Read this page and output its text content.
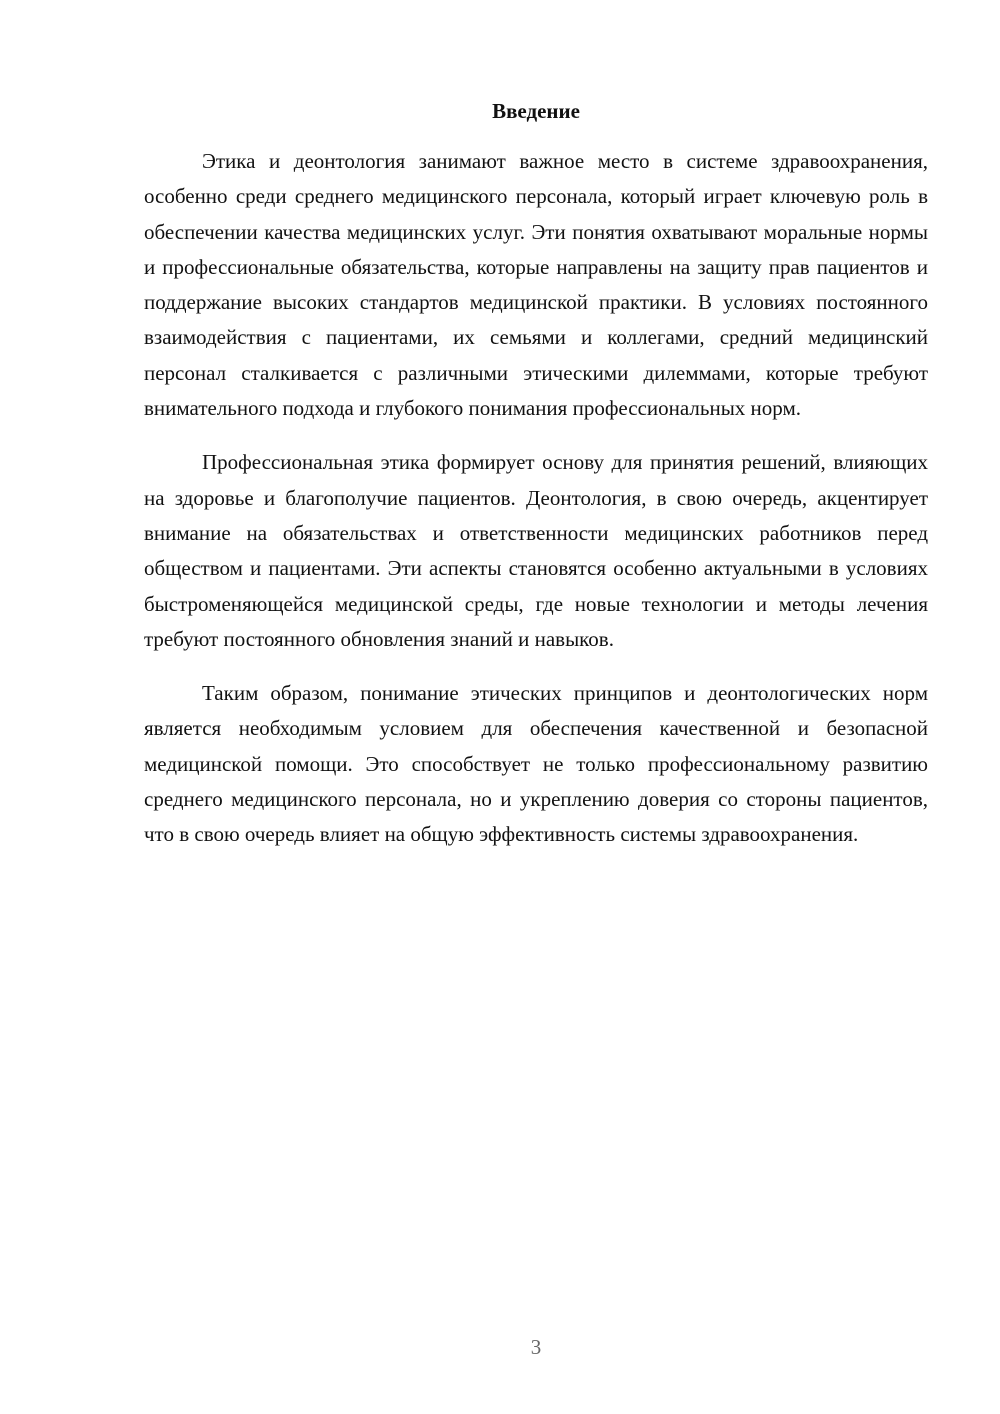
Введение

Этика и деонтология занимают важное место в системе здравоохранения, особенно среди среднего медицинского персонала, который играет ключевую роль в обеспечении качества медицинских услуг. Эти понятия охватывают моральные нормы и профессиональные обязательства, которые направлены на защиту прав пациентов и поддержание высоких стандартов медицинской практики. В условиях постоянного взаимодействия с пациентами, их семьями и коллегами, средний медицинский персонал сталкивается с различными этическими дилеммами, которые требуют внимательного подхода и глубокого понимания профессиональных норм.

Профессиональная этика формирует основу для принятия решений, влияющих на здоровье и благополучие пациентов. Деонтология, в свою очередь, акцентирует внимание на обязательствах и ответственности медицинских работников перед обществом и пациентами. Эти аспекты становятся особенно актуальными в условиях быстроменяющейся медицинской среды, где новые технологии и методы лечения требуют постоянного обновления знаний и навыков.

Таким образом, понимание этических принципов и деонтологических норм является необходимым условием для обеспечения качественной и безопасной медицинской помощи. Это способствует не только профессиональному развитию среднего медицинского персонала, но и укреплению доверия со стороны пациентов, что в свою очередь влияет на общую эффективность системы здравоохранения.

3
